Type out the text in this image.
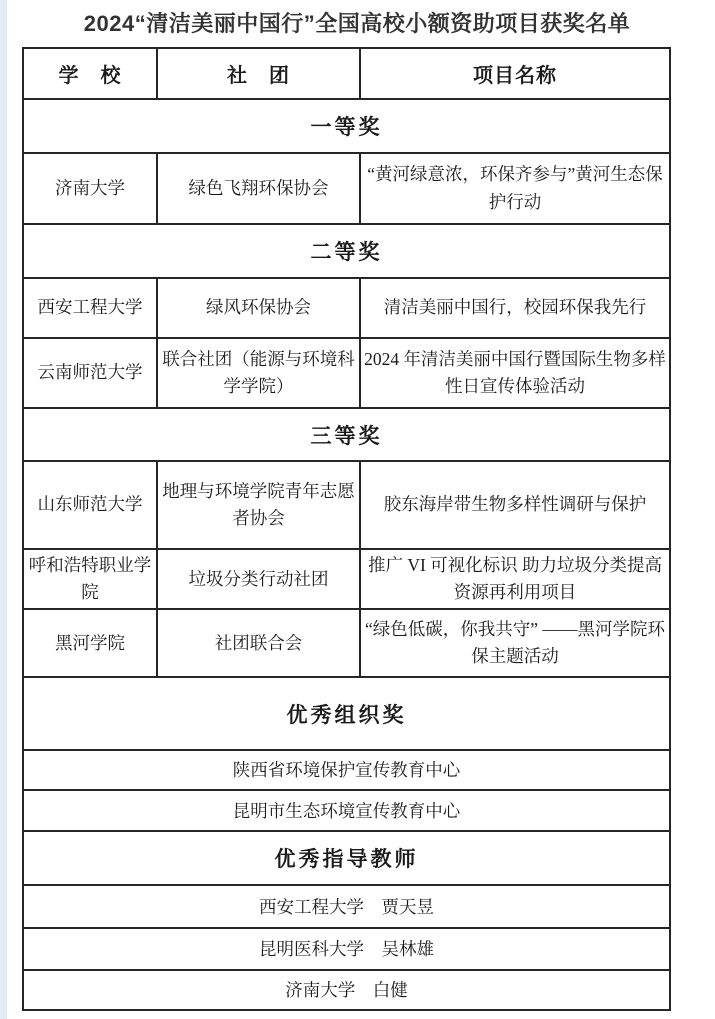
2024“清洁美丽中国行”全国高校小额资助项目获奖名单
学　校	社　团	项目名称
一等奖		
济南大学	绿色飞翔环保协会	“黄河绿意浓，环保齐参与”黄河生态保护行动
二等奖		
西安工程大学	绿风环保协会	清洁美丽中国行，校园环保我先行
云南师范大学	联合社团（能源与环境科学学院）	2024 年清洁美丽中国行暨国际生物多样性日宣传体验活动
三等奖		
山东师范大学	地理与环境学院青年志愿者协会	胶东海岸带生物多样性调研与保护
呼和浩特职业学院	垃圾分类行动社团	推广 VI 可视化标识 助力垃圾分类提高资源再利用项目
黑河学院	社团联合会	“绿色低碳，你我共守” ——黑河学院环保主题活动
优秀组织奖		
陕西省环境保护宣传教育中心		
昆明市生态环境宣传教育中心		
优秀指导教师		
西安工程大学　贾天昱		
昆明医科大学　吴林雄		
济南大学　白健		
